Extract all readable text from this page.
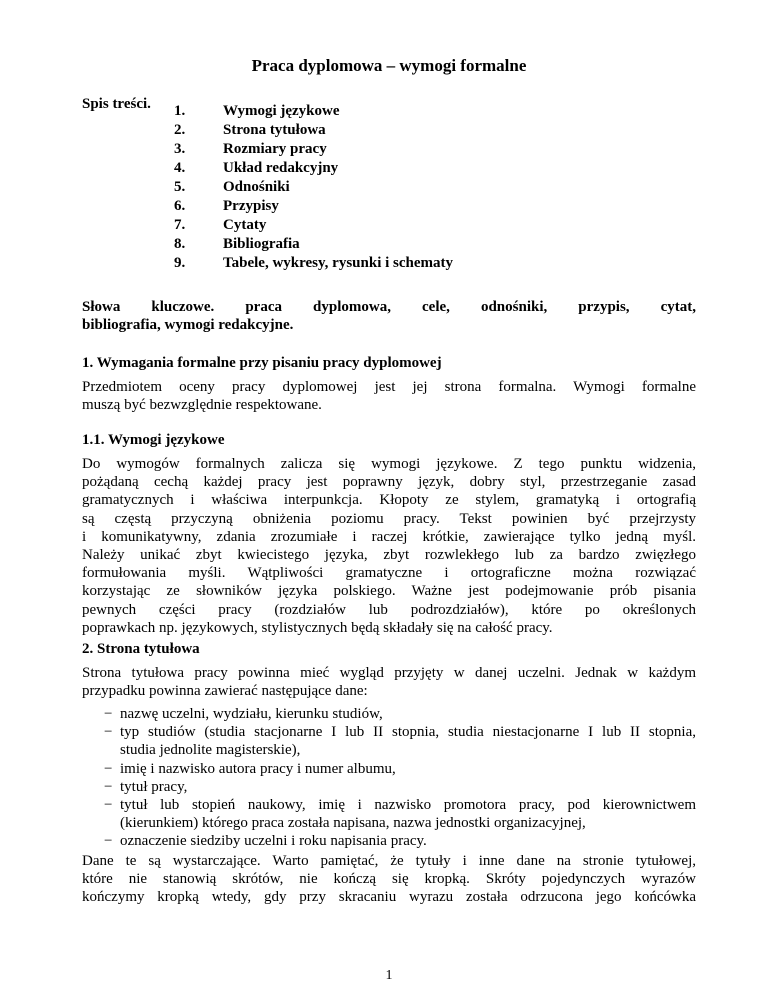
Praca dyplomowa – wymogi formalne
Spis treści. 1.	Wymogi językowe
2.	Strona tytułowa
3.	Rozmiary pracy
4.	Układ redakcyjny
5.	Odnośniki
6.	Przypisy
7.	Cytaty
8.	Bibliografia
9.	Tabele, wykresy, rysunki i schematy
Słowa kluczowe. praca dyplomowa, cele, odnośniki, przypis, cytat,
bibliografia, wymogi redakcyjne.
1. Wymagania formalne przy pisaniu pracy dyplomowej
Przedmiotem oceny pracy dyplomowej jest jej strona formalna. Wymogi formalne
muszą być bezwzględnie respektowane.
1.1. Wymogi językowe
Do wymogów formalnych zalicza się wymogi językowe. Z tego punktu widzenia,
pożądaną cechą każdej pracy jest poprawny język, dobry styl, przestrzeganie zasad
gramatycznych i właściwa interpunkcja. Kłopoty ze stylem, gramatyką i ortografią
są częstą przyczyną obniżenia poziomu pracy. Tekst powinien być przejrzysty
i komunikatywny, zdania zrozumiałe i raczej krótkie, zawierające tylko jedną myśl.
Należy unikać zbyt kwiecistego języka, zbyt rozwlekłego lub za bardzo zwięzłego
formułowania myśli. Wątpliwości gramatyczne i ortograficzne można rozwiązać
korzystając ze słowników języka polskiego. Ważne jest podejmowanie prób pisania
pewnych części pracy (rozdziałów lub podrozdziałów), które po określonych
poprawkach np. językowych, stylistycznych będą składały się na całość pracy.
2. Strona tytułowa
Strona tytułowa pracy powinna mieć wygląd przyjęty w danej uczelni. Jednak w każdym
przypadku powinna zawierać następujące dane:
− nazwę uczelni, wydziału, kierunku studiów,
− typ studiów (studia stacjonarne I lub II stopnia, studia niestacjonarne I lub II stopnia,
studia jednolite magisterskie),
− imię i nazwisko autora pracy i numer albumu,
− tytuł pracy,
− tytuł lub stopień naukowy, imię i nazwisko promotora pracy, pod kierownictwem
(kierunkiem) którego praca została napisana, nazwa jednostki organizacyjnej,
− oznaczenie siedziby uczelni i roku napisania pracy.
Dane te są wystarczające. Warto pamiętać, że tytuły i inne dane na stronie tytułowej,
które nie stanowią skrótów, nie kończą się kropką. Skróty pojedynczych wyrazów
kończymy kropką wtedy, gdy przy skracaniu wyrazu została odrzucona jego końcówka
1
